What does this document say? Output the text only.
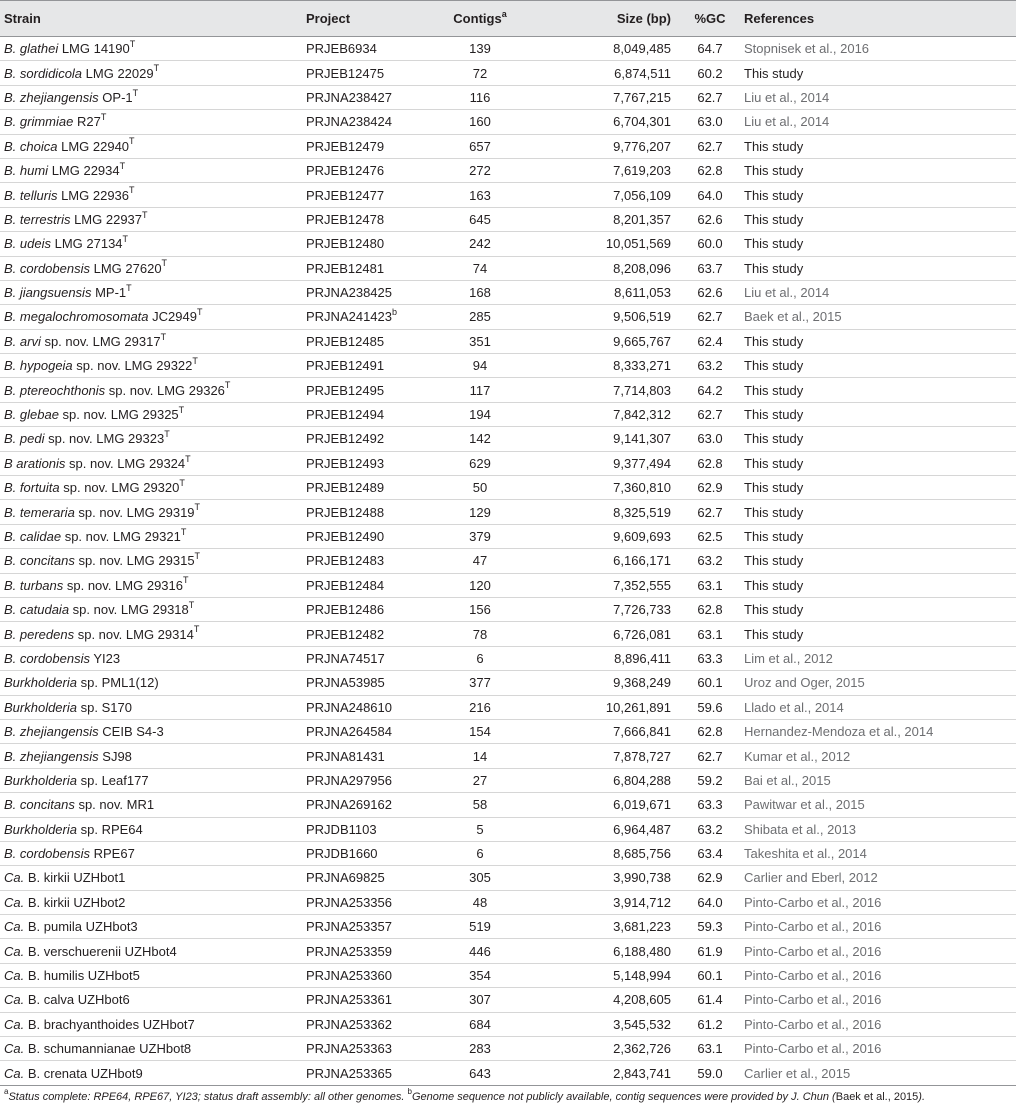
Strain	Project	Contigs$^a$	Size (bp)	%GC	References
B. glathei LMG $14190^T$	PRJEB6934	139	8,049,485	64.7	Stopnisek et al., 2016
B. sordidicola LMG $22029^T$	PRJEB12475	72	6,874,511	60.2	This study
B. zhejiangensis $OP-1^T$	PRJNA238427	116	7,767,215	62.7	Liu et al., 2014
B. grimmiae $R27^T$	PRJNA238424	160	6,704,301	63.0	Liu et al., 2014
B. choica LMG $22940^T$	PRJEB12479	657	9,776,207	62.7	This study
B. humi LMG $22934^T$	PRJEB12476	272	7,619,203	62.8	This study
B. telluris LMG $22936^T$	PRJEB12477	163	7,056,109	64.0	This study
B. terrestris LMG $22937^T$	PRJEB12478	645	8,201,357	62.6	This study
B. udeis LMG $27134^T$	PRJEB12480	242	10,051,569	60.0	This study
B. cordobensis LMG $27620^T$	PRJEB12481	74	8,208,096	63.7	This study
B. jiangsuensis $MP-1^T$	PRJNA238425	168	8,611,053	62.6	Liu et al., 2014
B. megalochromosomata $JC2949^T$	PRJNA241423$^b$	285	9,506,519	62.7	Baek et al., 2015
B. arvi sp. nov. LMG $29317^T$	PRJEB12485	351	9,665,767	62.4	This study
B. hypogeia sp. nov. LMG $29322^T$	PRJEB12491	94	8,333,271	63.2	This study
B. ptereochthonis sp. nov. LMG $29326^T$	PRJEB12495	117	7,714,803	64.2	This study
B. glebae sp. nov. LMG $29325^T$	PRJEB12494	194	7,842,312	62.7	This study
B. pedi sp. nov. LMG $29323^T$	PRJEB12492	142	9,141,307	63.0	This study
B arationis sp. nov. LMG $29324^T$	PRJEB12493	629	9,377,494	62.8	This study
B. fortuita sp. nov. LMG $29320^T$	PRJEB12489	50	7,360,810	62.9	This study
B. temeraria sp. nov. LMG $29319^T$	PRJEB12488	129	8,325,519	62.7	This study
B. calidae sp. nov. LMG $29321^T$	PRJEB12490	379	9,609,693	62.5	This study
B. concitans sp. nov. LMG $29315^T$	PRJEB12483	47	6,166,171	63.2	This study
B. turbans sp. nov. LMG $29316^T$	PRJEB12484	120	7,352,555	63.1	This study
B. catudaia sp. nov. LMG $29318^T$	PRJEB12486	156	7,726,733	62.8	This study
B. peredens sp. nov. LMG $29314^T$	PRJEB12482	78	6,726,081	63.1	This study
B. cordobensis YI23	PRJNA74517	6	8,896,411	63.3	Lim et al., 2012
Burkholderia sp. PML1(12)	PRJNA53985	377	9,368,249	60.1	Uroz and Oger, 2015
Burkholderia sp. S170	PRJNA248610	216	10,261,891	59.6	Llado et al., 2014
B. zhejiangensis CEIB S4-3	PRJNA264584	154	7,666,841	62.8	Hernandez-Mendoza et al., 2014
B. zhejiangensis SJ98	PRJNA81431	14	7,878,727	62.7	Kumar et al., 2012
Burkholderia sp. Leaf177	PRJNA297956	27	6,804,288	59.2	Bai et al., 2015
B. concitans sp. nov. MR1	PRJNA269162	58	6,019,671	63.3	Pawitwar et al., 2015
Burkholderia sp. RPE64	PRJDB1103	5	6,964,487	63.2	Shibata et al., 2013
B. cordobensis RPE67	PRJDB1660	6	8,685,756	63.4	Takeshita et al., 2014
Ca. B. kirkii UZHbot1	PRJNA69825	305	3,990,738	62.9	Carlier and Eberl, 2012
Ca. B. kirkii UZHbot2	PRJNA253356	48	3,914,712	64.0	Pinto-Carbo et al., 2016
Ca. B. pumila UZHbot3	PRJNA253357	519	3,681,223	59.3	Pinto-Carbo et al., 2016
Ca. B. verschuerenii UZHbot4	PRJNA253359	446	6,188,480	61.9	Pinto-Carbo et al., 2016
Ca. B. humilis UZHbot5	PRJNA253360	354	5,148,994	60.1	Pinto-Carbo et al., 2016
Ca. B. calva UZHbot6	PRJNA253361	307	4,208,605	61.4	Pinto-Carbo et al., 2016
Ca. B. brachyanthoides UZHbot7	PRJNA253362	684	3,545,532	61.2	Pinto-Carbo et al., 2016
Ca. B. schumannianae UZHbot8	PRJNA253363	283	2,362,726	63.1	Pinto-Carbo et al., 2016
Ca. B. crenata UZHbot9	PRJNA253365	643	2,843,741	59.0	Carlier et al., 2015
$^a$Status complete: RPE64, RPE67, YI23; status draft assembly: all other genomes. $^b$Genome sequence not publicly available, contig sequences were provided by J. Chun (Baek et al., 2015).
